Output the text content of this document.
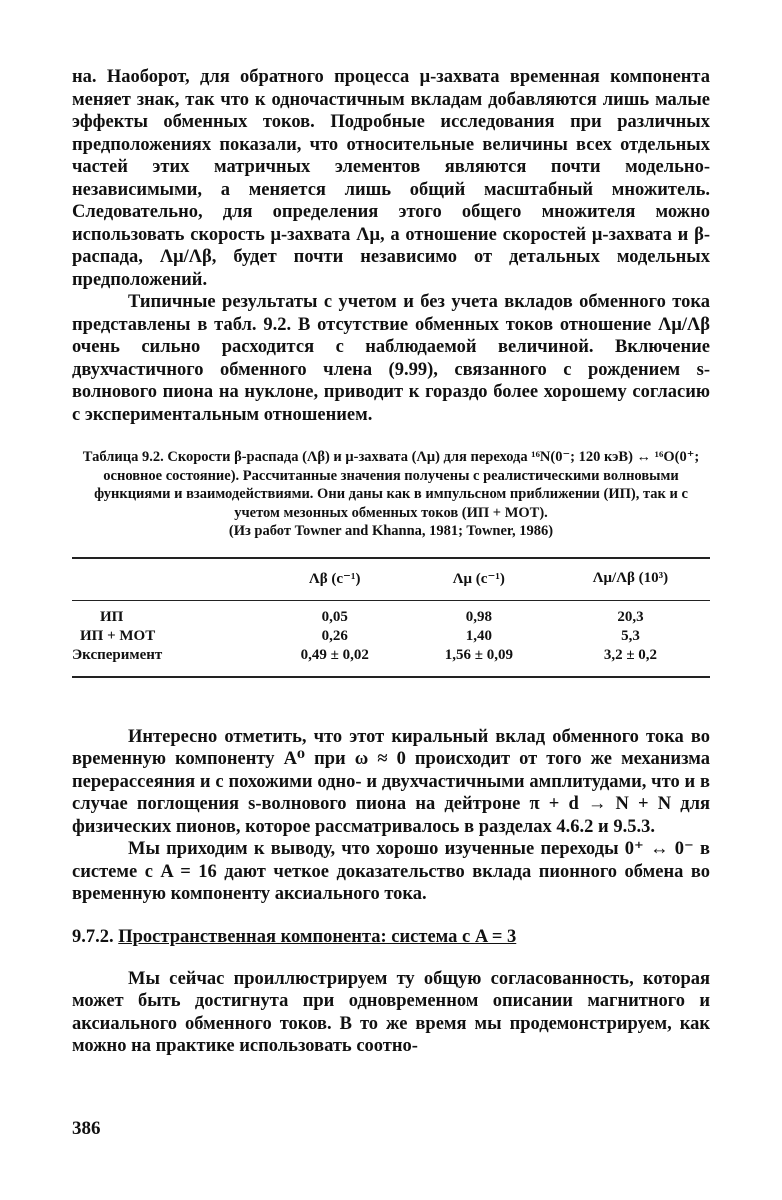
на. Наоборот, для обратного процесса μ-захвата временная компонента меняет знак, так что к одночастичным вкладам добавляются лишь малые эффекты обменных токов. Подробные исследования при различных предположениях показали, что относительные величины всех отдельных частей этих матричных элементов являются почти модельно-независимыми, а меняется лишь общий масштабный множитель. Следовательно, для определения этого общего множителя можно использовать скорость μ-захвата Λμ, а отношение скоростей μ-захвата и β-распада, Λμ/Λβ, будет почти независимо от детальных модельных предположений.

Типичные результаты с учетом и без учета вкладов обменного тока представлены в табл. 9.2. В отсутствие обменных токов отношение Λμ/Λβ очень сильно расходится с наблюдаемой величиной. Включение двухчастичного обменного члена (9.99), связанного с рождением s-волнового пиона на нуклоне, приводит к гораздо более хорошему согласию с экспериментальным отношением.

Таблица 9.2. Скорости β-распада (Λβ) и μ-захвата (Λμ) для перехода ¹⁶N(0⁻; 120 кэВ) ↔ ¹⁶O(0⁺; основное состояние). Рассчитанные значения получены с реалистическими волновыми функциями и взаимодействиями. Они даны как в импульсном приближении (ИП), так и с учетом мезонных обменных токов (ИП + МОТ).
(Из работ Towner and Khanna, 1981; Towner, 1986)
	Λβ (c⁻¹)	Λμ (c⁻¹)	Λμ/Λβ (10³)
ИП	0,05	0,98	20,3
ИП + МОТ	0,26	1,40	5,3
Эксперимент	0,49 ± 0,02	1,56 ± 0,09	3,2 ± 0,2

Интересно отметить, что этот киральный вклад обменного тока во временную компоненту A⁰ при ω ≈ 0 происходит от того же механизма перерассеяния и с похожими одно- и двухчастичными амплитудами, что и в случае поглощения s-волнового пиона на дейтроне π + d → N + N для физических пионов, которое рассматривалось в разделах 4.6.2 и 9.5.3.

Мы приходим к выводу, что хорошо изученные переходы 0⁺ ↔ 0⁻ в системе с A = 16 дают четкое доказательство вклада пионного обмена во временную компоненту аксиального тока.

9.7.2. Пространственная компонента: система с A = 3

Мы сейчас проиллюстрируем ту общую согласованность, которая может быть достигнута при одновременном описании магнитного и аксиального обменного токов. В то же время мы продемонстрируем, как можно на практике использовать соотно-

386
